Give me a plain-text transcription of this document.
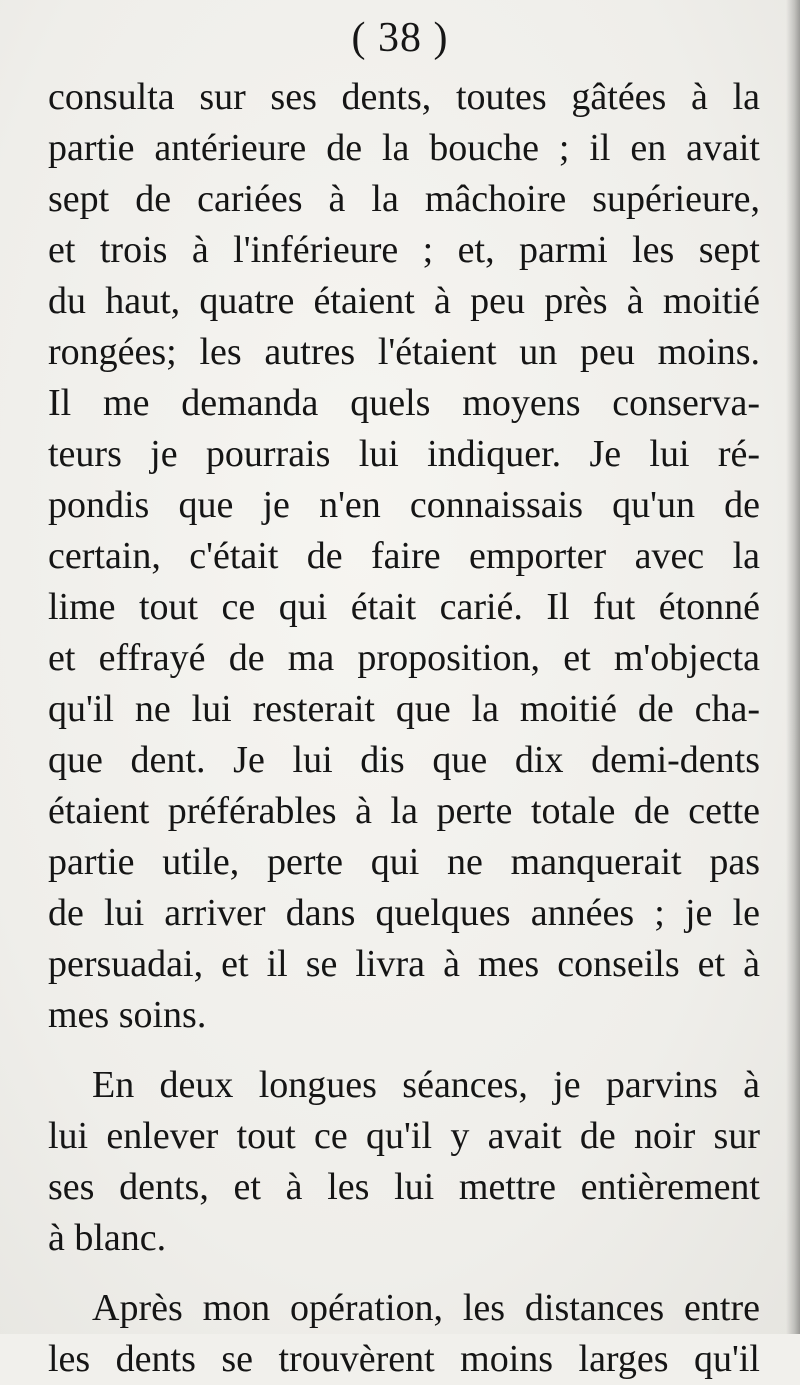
( 38 )
consulta sur ses dents, toutes gâtées à la
partie antérieure de la bouche ; il en avait
sept de cariées à la mâchoire supérieure,
et trois à l'inférieure ; et, parmi les sept
du haut, quatre étaient à peu près à moitié
rongées; les autres l'étaient un peu moins.
Il me demanda quels moyens conserva-
teurs je pourrais lui indiquer. Je lui ré-
pondis que je n'en connaissais qu'un de
certain, c'était de faire emporter avec la
lime tout ce qui était carié. Il fut étonné
et effrayé de ma proposition, et m'objecta
qu'il ne lui resterait que la moitié de cha-
que dent. Je lui dis que dix demi-dents
étaient préférables à la perte totale de cette
partie utile, perte qui ne manquerait pas
de lui arriver dans quelques années ; je le
persuadai, et il se livra à mes conseils et à
mes soins.
En deux longues séances, je parvins à
lui enlever tout ce qu'il y avait de noir sur
ses dents, et à les lui mettre entièrement
à blanc.
Après mon opération, les distances entre
les dents se trouvèrent moins larges qu'il
